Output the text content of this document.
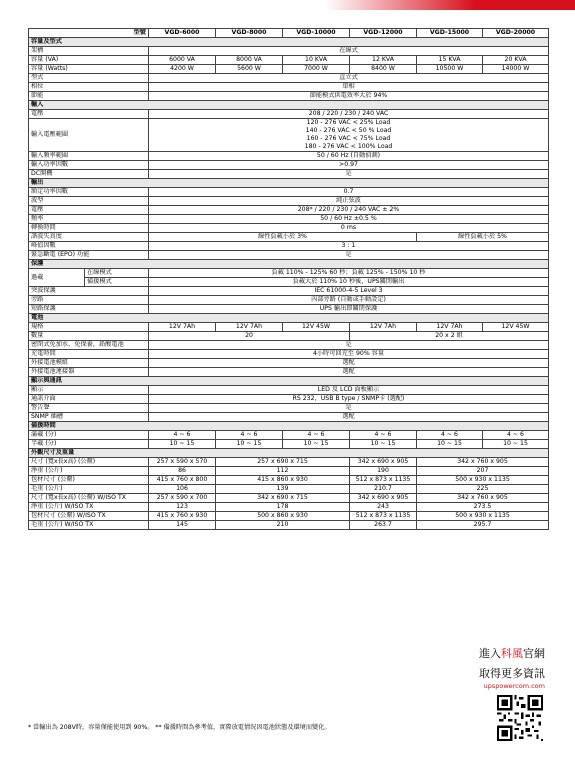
型號		VGD-6000	VGD-8000	VGD-10000	VGD-12000	VGD-15000	VGD-20000
容量及型式							
架構		在線式					
容量 (VA)		6000 VA	8000 VA	10 KVA	12 KVA	15 KVA	20 KVA
容量 (Watts)		4200 W	5600 W	7000 W	8400 W	10500 W	14000 W
型式		直立式					
相位		單相					
節能		節能模式供電效率大於 94%					
輸入							
電壓		208 / 220 / 230 / 240 VAC					
輸入電壓範圍		120 - 276 VAC < 25% Load
140 - 276 VAC < 50 % Load
160 - 276 VAC < 75% Load
180 - 276 VAC < 100% Load					

輸入頻率範圍		50 / 60 Hz (自動偵測)					
輸入功率因數		>0.97					
DC開機		是					
輸出							
額定功率因數		0.7					
波型		純正弦波					
電壓		208* / 220 / 230 / 240 VAC ± 2%					
頻率		50 / 60 Hz ±0.5 %					
轉換時間		0 ms					
諧波失真度		線性負載小於 3%				線性負載小於 5%	
峰值因數		3 : 1					
緊急斷電 (EPO) 功能		是					
保護							
過載	在線模式	負載 110% - 125% 60 秒；負載 125% - 150% 10 秒					
	備援模式	負載大於 110% 10 秒後，UPS關閉輸出					
突波保護		IEC 61000-4-5 Level 3					
旁路		內部旁路 (自動或手動設定)					
短路保護		UPS 輸出即關閉保護					
電池							
規格		12V 7Ah	12V 7Ah	12V 45W	12V 7Ah	12V 7Ah	12V 45W
數量		20			20 x 2 組		
密閉式免加水，免保養，鉛酸電池		是					
充電時間		4小時可回充至 90% 容量					
外接電池模組		選配					
外接電池連接器		選配					
顯示與通訊							
顯示		LED 及 LCD 面板顯示					
通訊介面		RS 232，USB B type / SNMP卡 (選配)					
警告聲		是					
SNMP 插槽		選配					
備援時間							
滿載 (分)		4 ~ 6	4 ~ 6	4 ~ 6	4 ~ 6	4 ~ 6	4 ~ 6
半載 (分)		10 ~ 15	10 ~ 15	10 ~ 15	10 ~ 15	10 ~ 15	10 ~ 15
外觀尺寸及重量							
尺寸 (寬x長x高) (公釐)		257 x 590 x 570	257 x 690 x 715		342 x 690 x 905	342 x 760 x 905	
淨重 (公斤)		86	112		190	207	
包材尺寸 (公釐)		415 x 760 x 800	415 x 860 x 930		512 x 873 x 1135	500 x 930 x 1135	
毛重 (公斤)		106	139		210.7	225	
尺寸 (寬x長x高) (公釐) W/ISO TX		257 x 590 x 700	342 x 690 x 715		342 x 690 x 905	342 x 760 x 905	
淨重 (公斤) W/ISO TX		123	178		243	273.5	
包材尺寸 (公釐) W/ISO TX		415 x 760 x 930	500 x 860 x 930		512 x 873 x 1135	500 x 930 x 1135	
毛重 (公斤) W/ISO TX		145	210		263.7	295.7	
* 當輸出為 208V時，容量僅能使用到 90%。 ** 備援時間為參考值，實際放電情況因電池狀態及環境而變化。
進入科風官網
取得更多資訊
upspowercom.com
